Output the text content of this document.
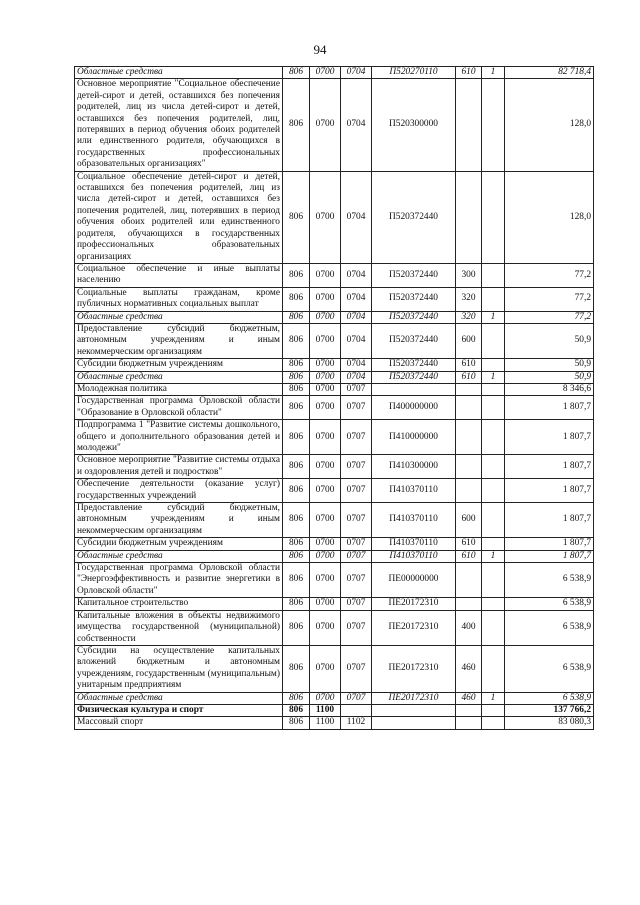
94
Областные средства	806	0700	0704	П520270110	610	1	82 718,4
Основное мероприятие "Социальное обеспечение детей-сирот и детей, оставшихся без попечения родителей, лиц из числа детей-сирот и детей, оставшихся без попечения родителей, лиц, потерявших в период обучения обоих родителей или единственного родителя, обучающихся в государственных профессиональных образовательных организациях"	806	0700	0704	П520300000			128,0
Социальное обеспечение детей-сирот и детей, оставшихся без попечения родителей, лиц из числа детей-сирот и детей, оставшихся без попечения родителей, лиц, потерявших в период обучения обоих родителей или единственного родителя, обучающихся в государственных профессиональных образовательных организациях	806	0700	0704	П520372440			128,0
Социальное обеспечение и иные выплаты населению	806	0700	0704	П520372440	300		77,2
Социальные выплаты гражданам, кроме публичных нормативных социальных выплат	806	0700	0704	П520372440	320		77,2
Областные средства	806	0700	0704	П520372440	320	1	77,2
Предоставление субсидий бюджетным, автономным учреждениям и иным некоммерческим организациям	806	0700	0704	П520372440	600		50,9
Субсидии бюджетным учреждениям	806	0700	0704	П520372440	610		50,9
Областные средства	806	0700	0704	П520372440	610	1	50,9
Молодежная политика	806	0700	0707				8 346,6
Государственная программа Орловской области "Образование в Орловской области"	806	0700	0707	П400000000			1 807,7
Подпрограмма 1 "Развитие системы дошкольного, общего и дополнительного образования детей и молодежи"	806	0700	0707	П410000000			1 807,7
Основное мероприятие "Развитие системы отдыха и оздоровления детей и подростков"	806	0700	0707	П410300000			1 807,7
Обеспечение деятельности (оказание услуг) государственных учреждений	806	0700	0707	П410370110			1 807,7
Предоставление субсидий бюджетным, автономным учреждениям и иным некоммерческим организациям	806	0700	0707	П410370110	600		1 807,7
Субсидии бюджетным учреждениям	806	0700	0707	П410370110	610		1 807,7
Областные средства	806	0700	0707	П410370110	610	1	1 807,7
Государственная программа Орловской области "Энергоэффективность и развитие энергетики в Орловской области"	806	0700	0707	ПЕ00000000			6 538,9
Капитальное строительство	806	0700	0707	ПЕ20172310			6 538,9
Капитальные вложения в объекты недвижимого имущества государственной (муниципальной) собственности	806	0700	0707	ПЕ20172310	400		6 538,9
Субсидии на осуществление капитальных вложений бюджетным и автономным учреждениям, государственным (муниципальным) унитарным предприятиям	806	0700	0707	ПЕ20172310	460		6 538,9
Областные средства	806	0700	0707	ПЕ20172310	460	1	6 538,9
Физическая культура и спорт	806	1100					137 766,2
Массовый спорт	806	1100	1102				83 080,3
